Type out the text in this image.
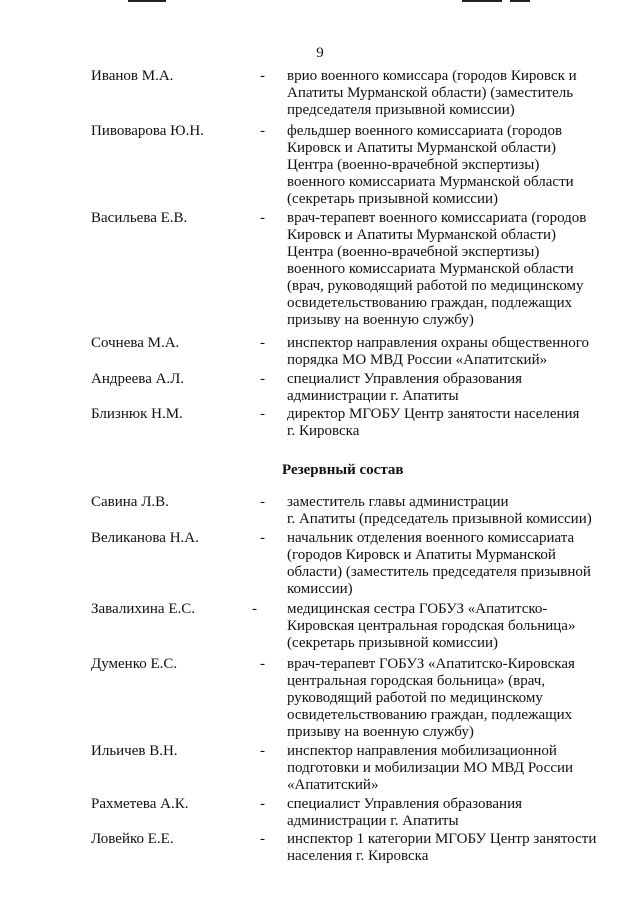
9
Иванов М.А.	- врио военного комиссара (городов Кировск и
Апатиты Мурманской области) (заместитель
председателя призывной комиссии)
Пивоварова Ю.Н.	- фельдшер военного комиссариата (городов
Кировск и Апатиты Мурманской области)
Центра (военно-врачебной экспертизы)
военного комиссариата Мурманской области
(секретарь призывной комиссии)
Васильева Е.В.	- врач-терапевт военного комиссариата (городов
Кировск и Апатиты Мурманской области)
Центра (военно-врачебной экспертизы)
военного комиссариата Мурманской области
(врач, руководящий работой по медицинскому
освидетельствованию граждан, подлежащих
призыву на военную службу)
Сочнева М.А.	- инспектор направления охраны общественного
порядка МО МВД России «Апатитский»
Андреева А.Л.	- специалист Управления образования
администрации г. Апатиты
Близнюк Н.М.	- директор МГОБУ Центр занятости населения
г. Кировска
Резервный состав
Савина Л.В.	- заместитель главы администрации
г. Апатиты (председатель призывной комиссии)
Великанова Н.А.	- начальник отделения военного комиссариата
(городов Кировск и Апатиты Мурманской
области) (заместитель председателя призывной
комиссии)
Завалихина Е.С.	- медицинская сестра ГОБУЗ «Апатитско-
Кировская центральная городская больница»
(секретарь призывной комиссии)
Думенко Е.С.	- врач-терапевт ГОБУЗ «Апатитско-Кировская
центральная городская больница» (врач,
руководящий работой по медицинскому
освидетельствованию граждан, подлежащих
призыву на военную службу)
Ильичев В.Н.	- инспектор направления мобилизационной
подготовки и мобилизации МО МВД России
«Апатитский»
Рахметева А.К.	- специалист Управления образования
администрации г. Апатиты
Ловейко Е.Е.	- инспектор 1 категории МГОБУ Центр занятости
населения г. Кировска
